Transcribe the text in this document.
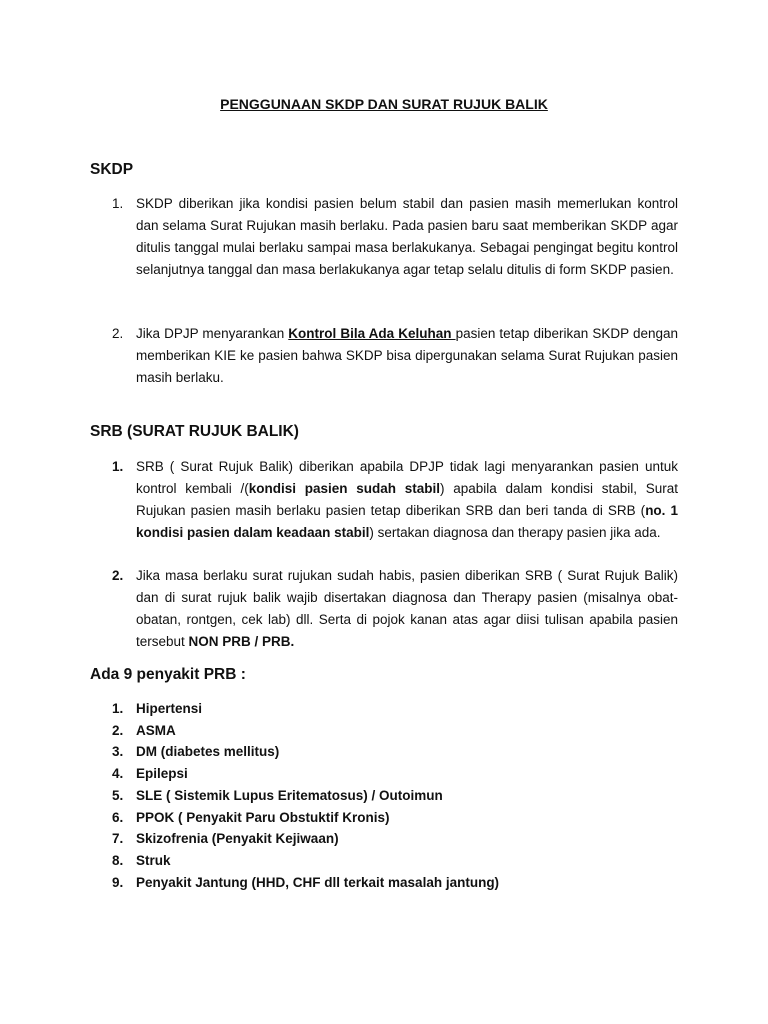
PENGGUNAAN SKDP DAN SURAT RUJUK BALIK
SKDP

1. SKDP diberikan jika kondisi pasien belum stabil dan pasien masih memerlukan kontrol dan selama Surat Rujukan masih berlaku. Pada pasien baru saat memberikan SKDP agar ditulis tanggal mulai berlaku sampai masa berlakukanya. Sebagai pengingat begitu kontrol selanjutnya tanggal dan masa berlakukanya agar tetap selalu ditulis di form SKDP pasien.

2. Jika DPJP menyarankan Kontrol Bila Ada Keluhan pasien tetap diberikan SKDP dengan memberikan KIE ke pasien bahwa SKDP bisa dipergunakan selama Surat Rujukan pasien masih berlaku.

SRB (SURAT RUJUK BALIK)

1. SRB ( Surat Rujuk Balik) diberikan apabila DPJP tidak lagi menyarankan pasien untuk kontrol kembali /(kondisi pasien sudah stabil) apabila dalam kondisi stabil, Surat Rujukan pasien masih berlaku pasien tetap diberikan SRB dan beri tanda di SRB (no. 1 kondisi pasien dalam keadaan stabil) sertakan diagnosa dan therapy pasien jika ada.

2. Jika masa berlaku surat rujukan sudah habis, pasien diberikan SRB ( Surat Rujuk Balik) dan di surat rujuk balik wajib disertakan diagnosa dan Therapy pasien (misalnya obat-obatan, rontgen, cek lab) dll. Serta di pojok kanan atas agar diisi tulisan apabila pasien tersebut NON PRB / PRB.

Ada 9 penyakit PRB :

1. Hipertensi

2. ASMA

3. DM (diabetes mellitus)

4. Epilepsi

5. SLE ( Sistemik Lupus Eritematosus) / Outoimun

6. PPOK ( Penyakit Paru Obstuktif Kronis)

7. Skizofrenia (Penyakit Kejiwaan)

8. Struk

9. Penyakit Jantung (HHD, CHF dll terkait masalah jantung)
